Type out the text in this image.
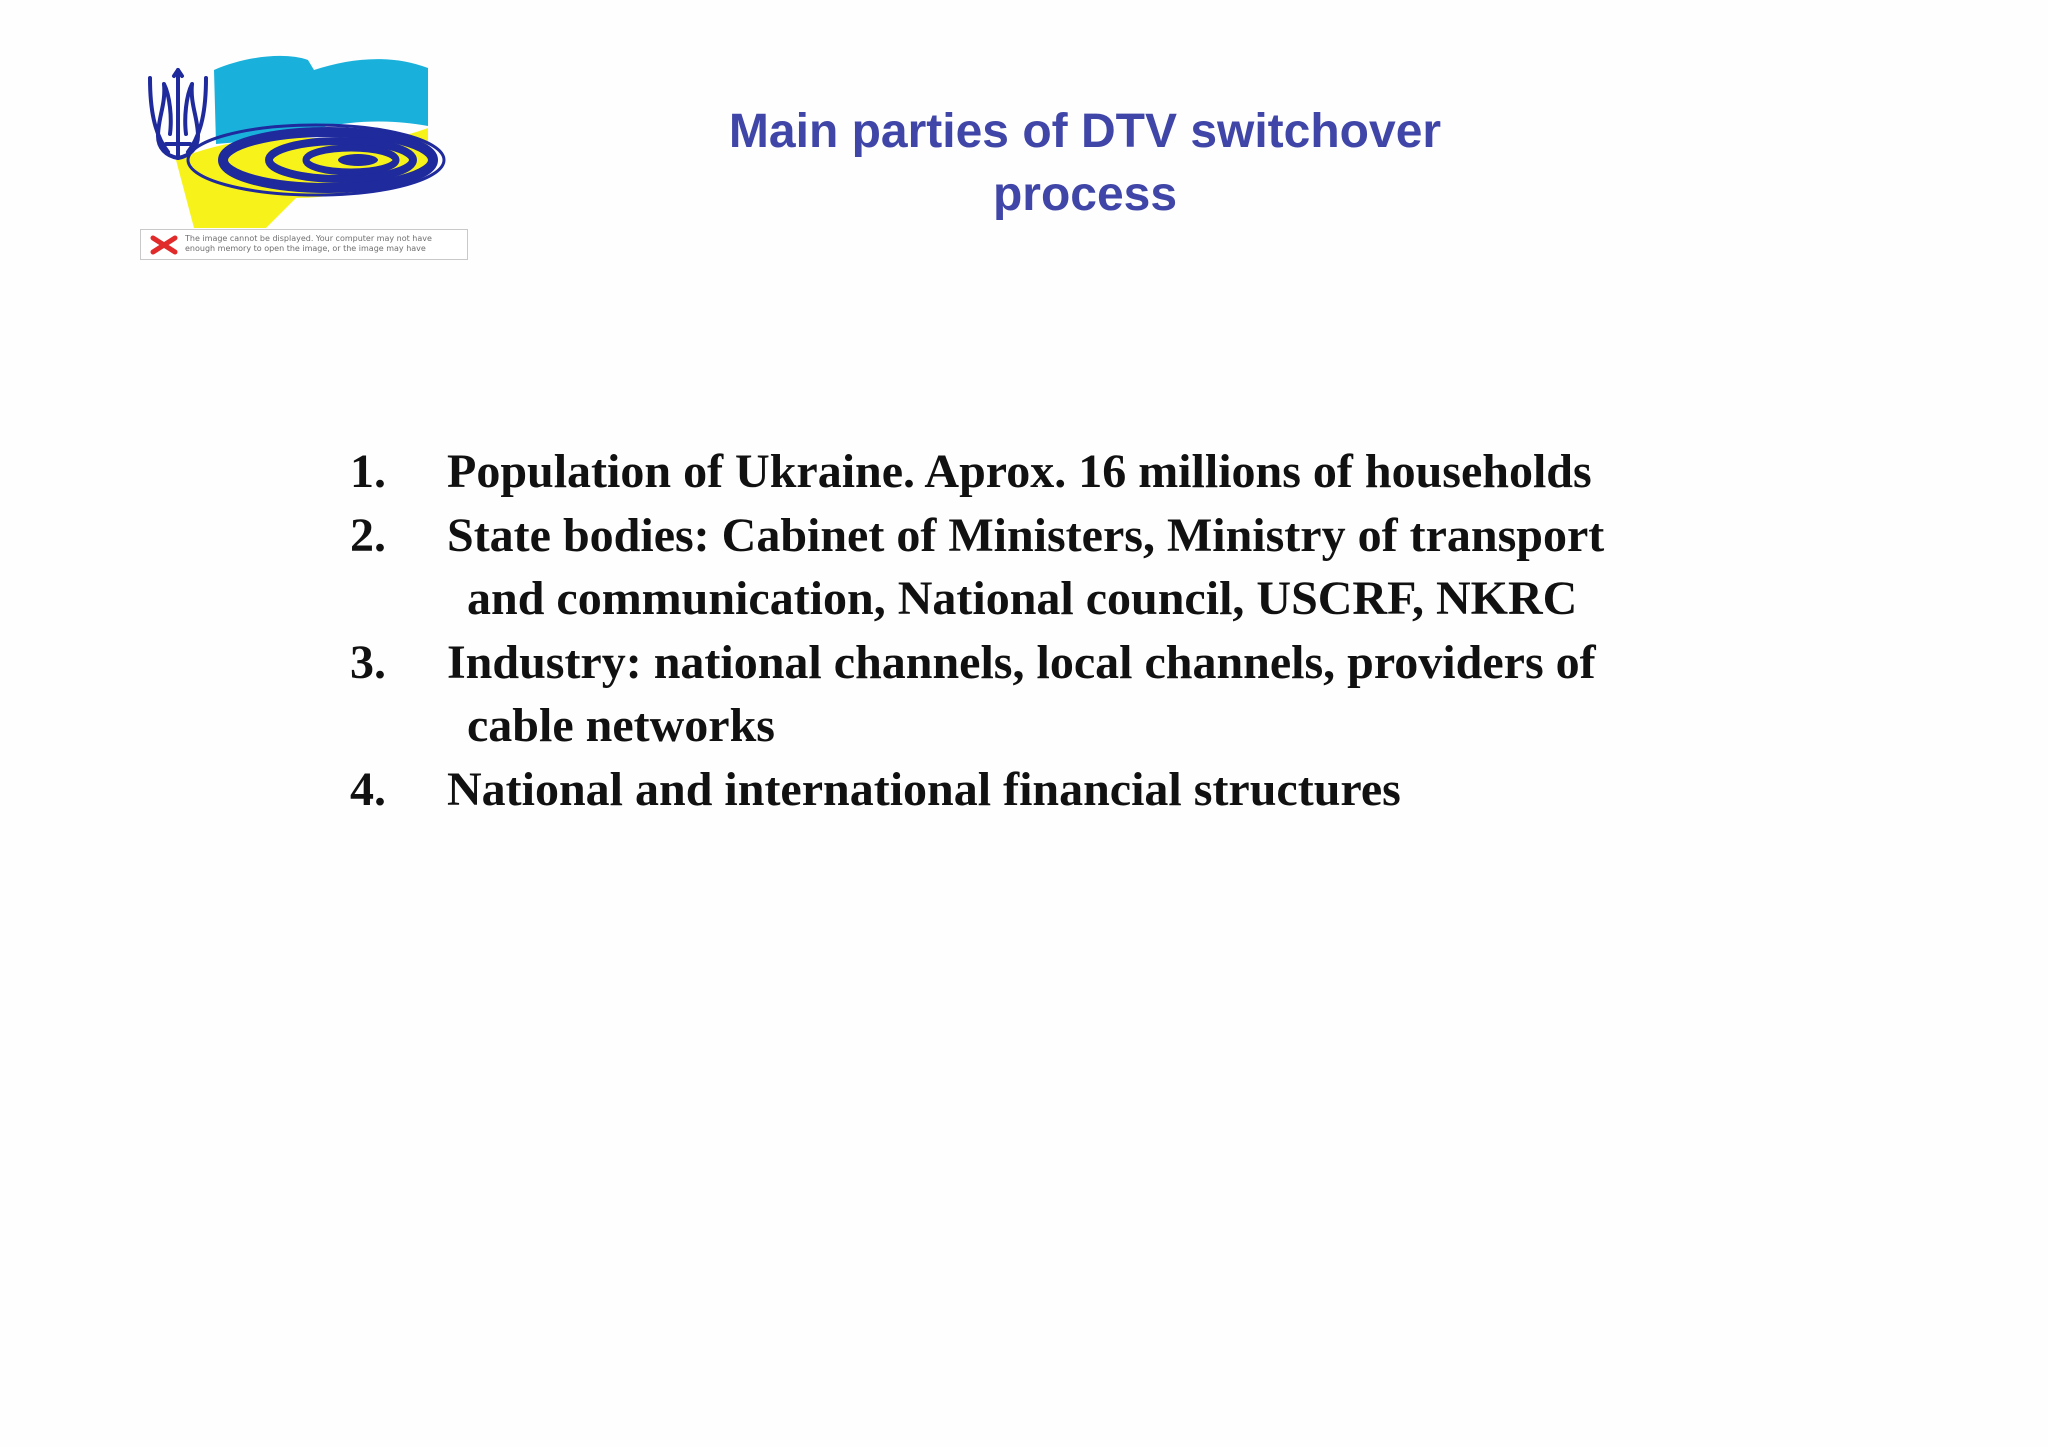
The image cannot be displayed. Your computer may not have
enough memory to open the image, or the image may have
Main parties of DTV switchover
process
1. Population of Ukraine. Aprox. 16 millions of households
2. State bodies: Cabinet of Ministers, Ministry of transport
and communication, National council, USCRF, NKRC
3. Industry: national channels, local channels, providers of
cable networks
4. National and international financial structures
